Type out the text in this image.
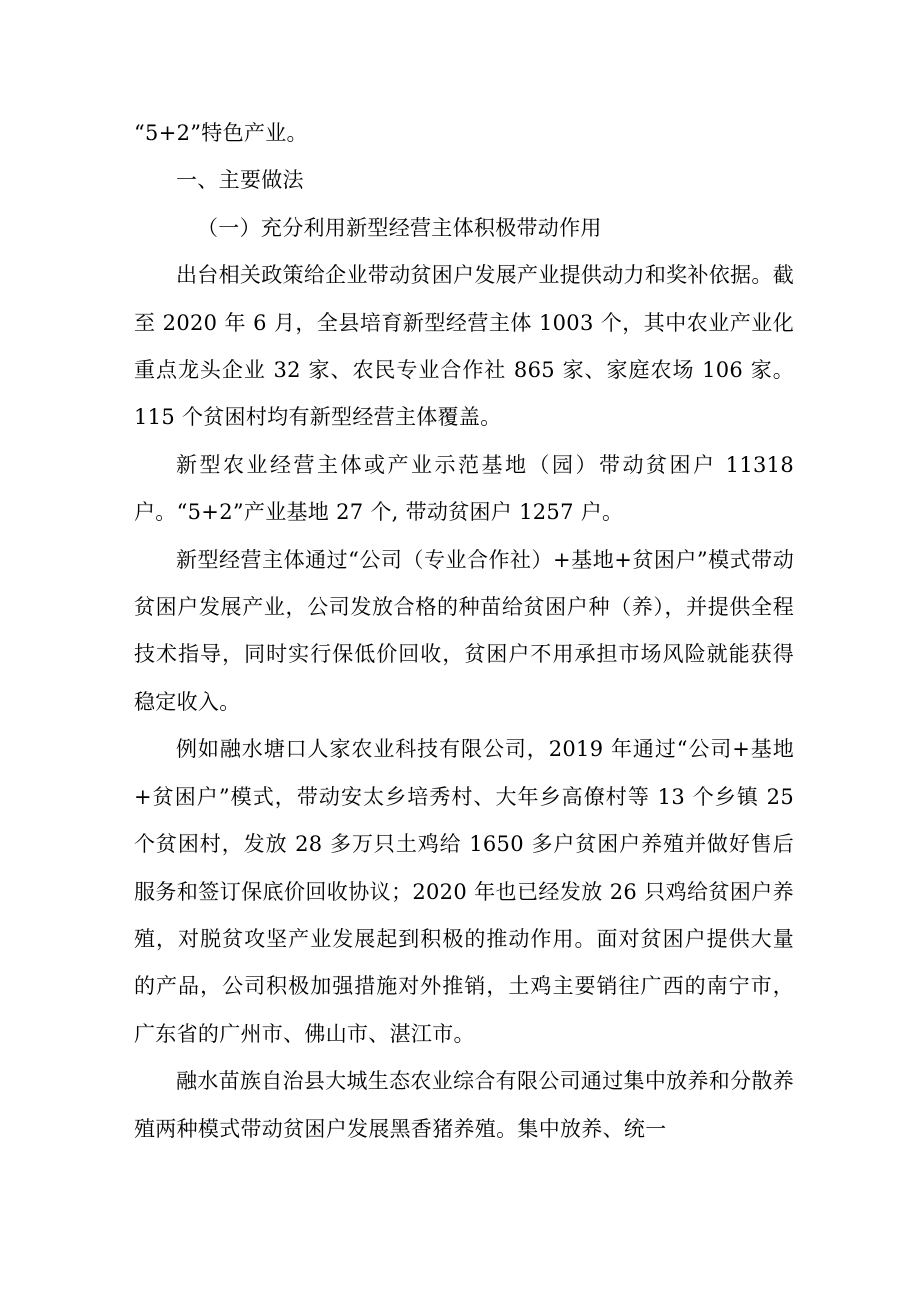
“5+2”特色产业。

一、主要做法

（一）充分利用新型经营主体积极带动作用

出台相关政策给企业带动贫困户发展产业提供动力和奖补依据。截至 2020 年 6 月，全县培育新型经营主体 1003 个，其中农业产业化重点龙头企业 32 家、农民专业合作社 865 家、家庭农场 106 家。115 个贫困村均有新型经营主体覆盖。

新型农业经营主体或产业示范基地（园）带动贫困户 11318 户。“5+2”产业基地 27 个, 带动贫困户 1257 户。

新型经营主体通过“公司（专业合作社）+基地+贫困户”模式带动贫困户发展产业，公司发放合格的种苗给贫困户种（养），并提供全程技术指导，同时实行保低价回收，贫困户不用承担市场风险就能获得稳定收入。

例如融水塘口人家农业科技有限公司，2019 年通过“公司+基地+贫困户”模式，带动安太乡培秀村、大年乡高僚村等 13 个乡镇 25 个贫困村，发放 28 多万只土鸡给 1650 多户贫困户养殖并做好售后服务和签订保底价回收协议；2020 年也已经发放 26 只鸡给贫困户养殖，对脱贫攻坚产业发展起到积极的推动作用。面对贫困户提供大量的产品，公司积极加强措施对外推销，土鸡主要销往广西的南宁市，广东省的广州市、佛山市、湛江市。

融水苗族自治县大城生态农业综合有限公司通过集中放养和分散养殖两种模式带动贫困户发展黑香猪养殖。集中放养、统一
